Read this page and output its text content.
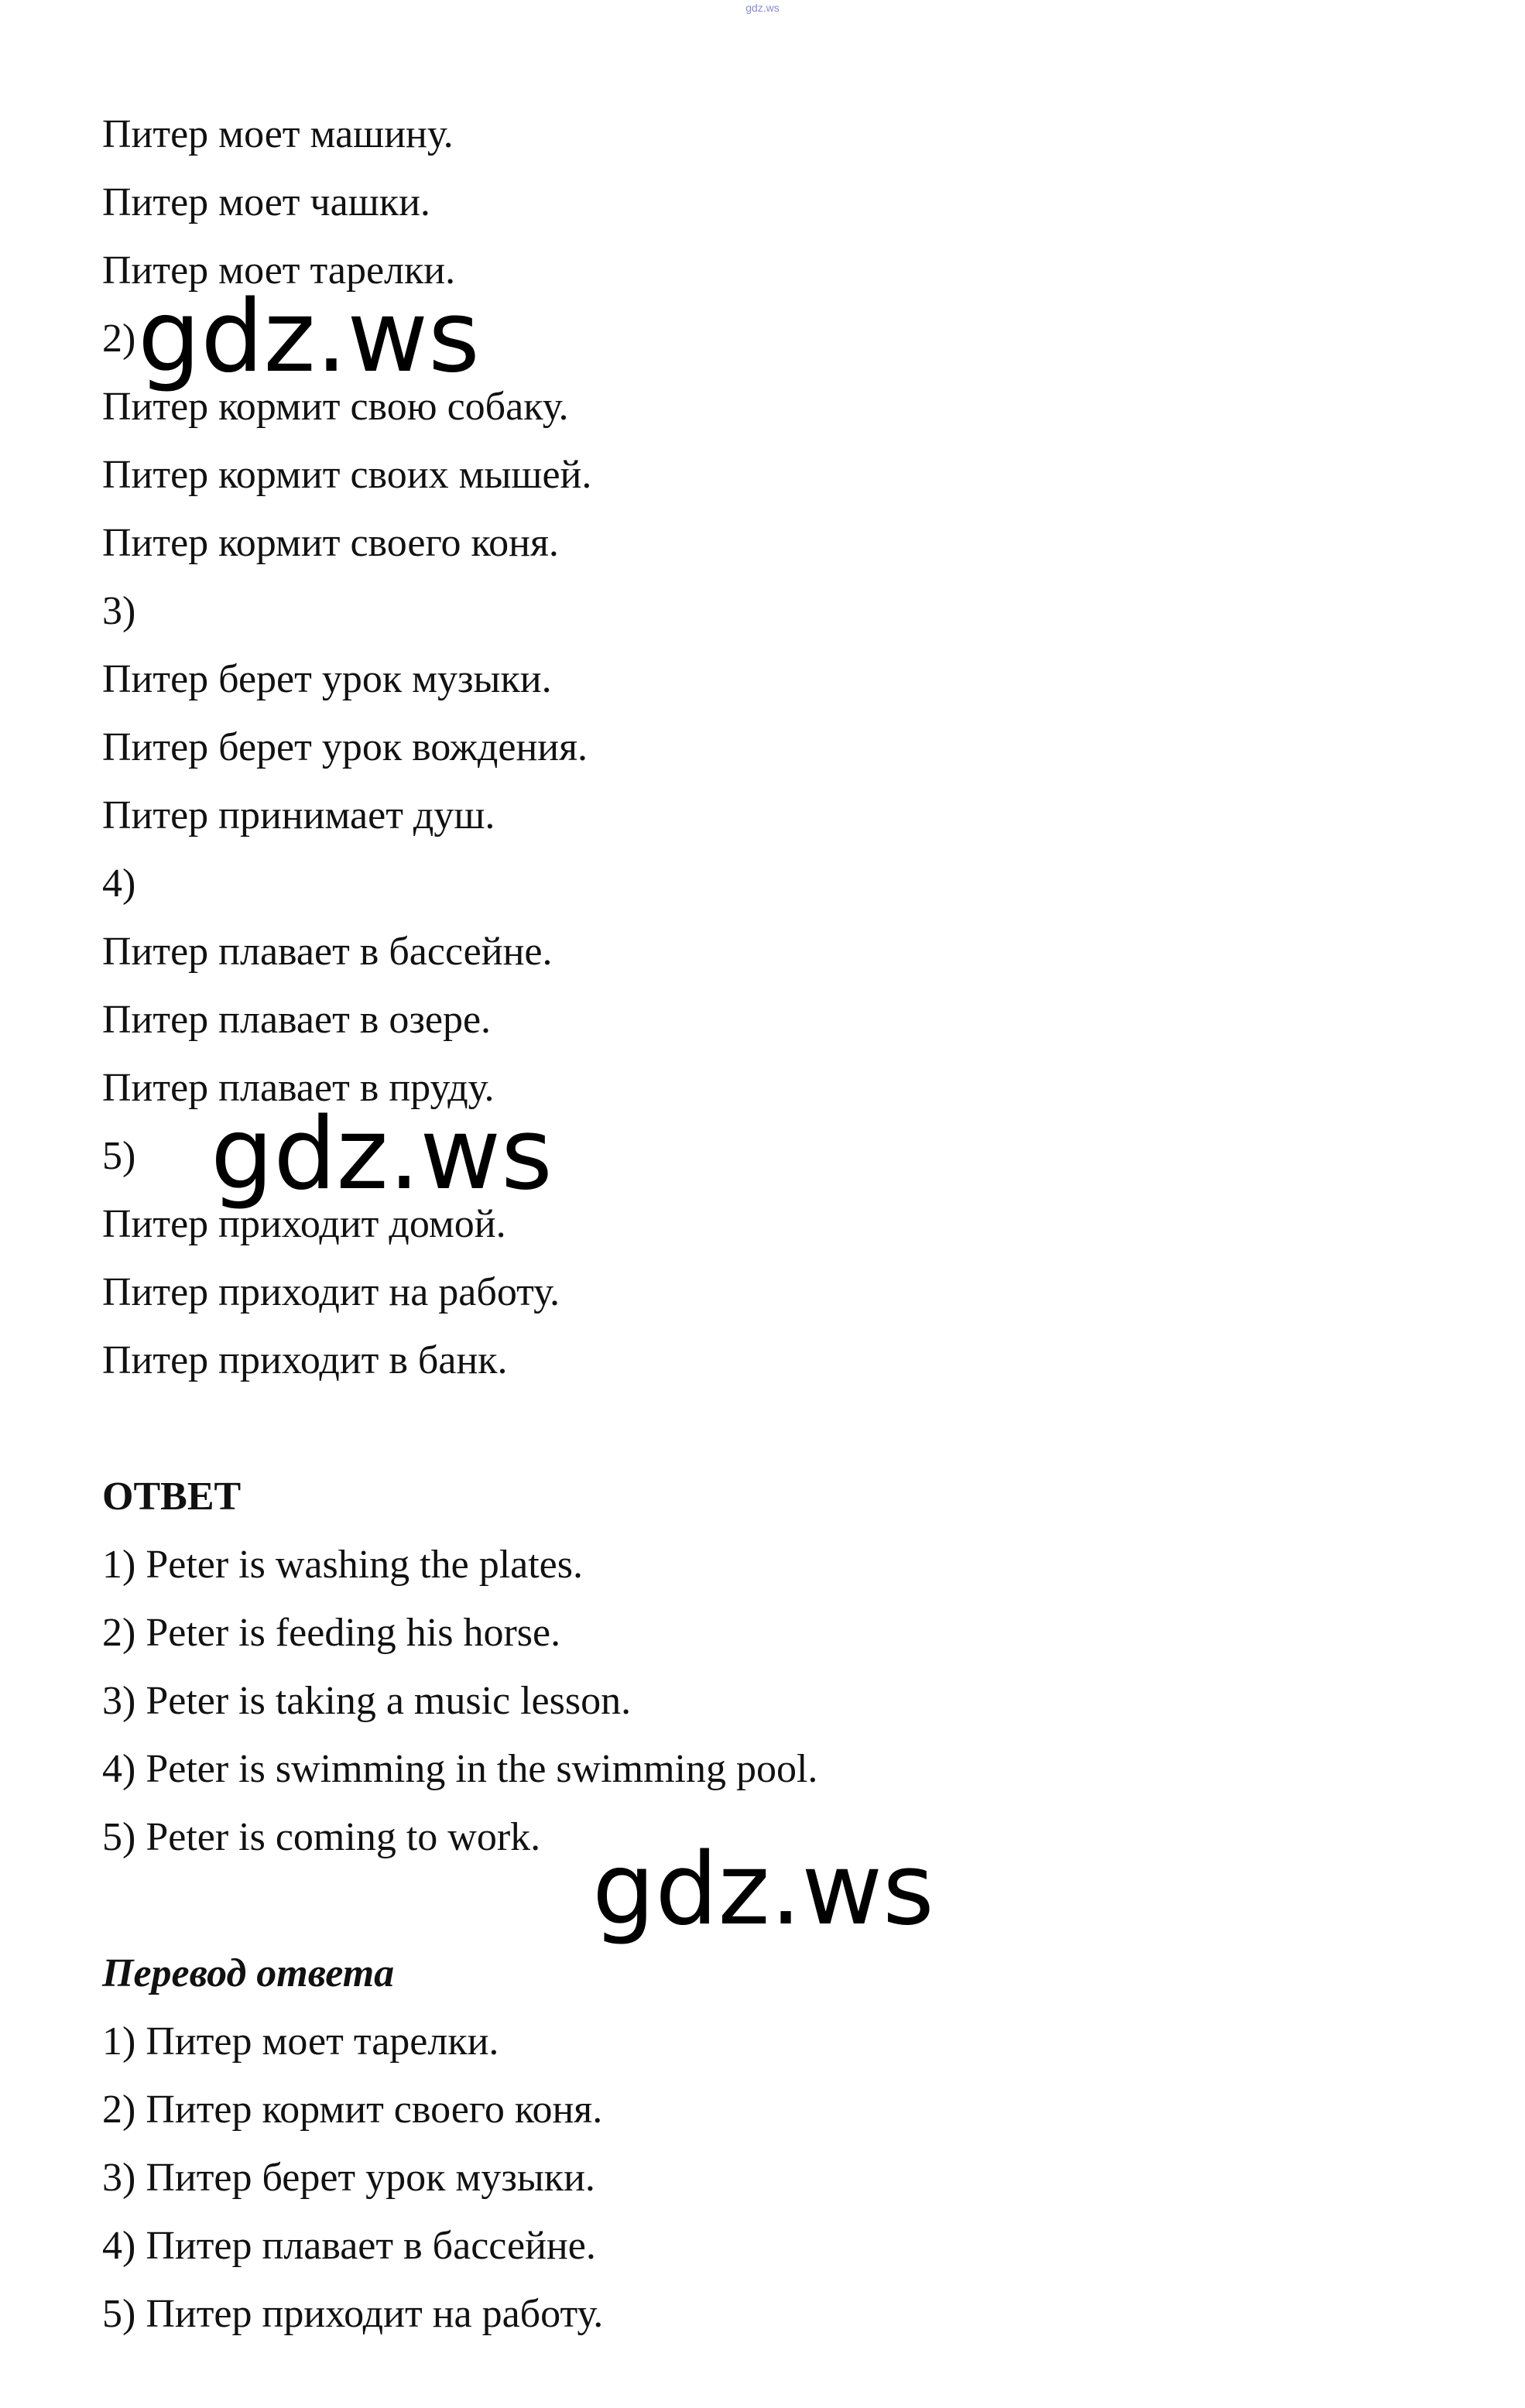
gdz.ws
Питер моет машину.
Питер моет чашки.
Питер моет тарелки.
2)
Питер кормит свою собаку.
Питер кормит своих мышей.
Питер кормит своего коня.
3)
Питер берет урок музыки.
Питер берет урок вождения.
Питер принимает душ.
4)
Питер плавает в бассейне.
Питер плавает в озере.
Питер плавает в пруду.
5)
Питер приходит домой.
Питер приходит на работу.
Питер приходит в банк.
ОТВЕТ
1) Peter is washing the plates.
2) Peter is feeding his horse.
3) Peter is taking a music lesson.
4) Peter is swimming in the swimming pool.
5) Peter is coming to work.
Перевод ответа
1) Питер моет тарелки.
2) Питер кормит своего коня.
3) Питер берет урок музыки.
4) Питер плавает в бассейне.
5) Питер приходит на работу.
gdz.ws
gdz.ws
gdz.ws
